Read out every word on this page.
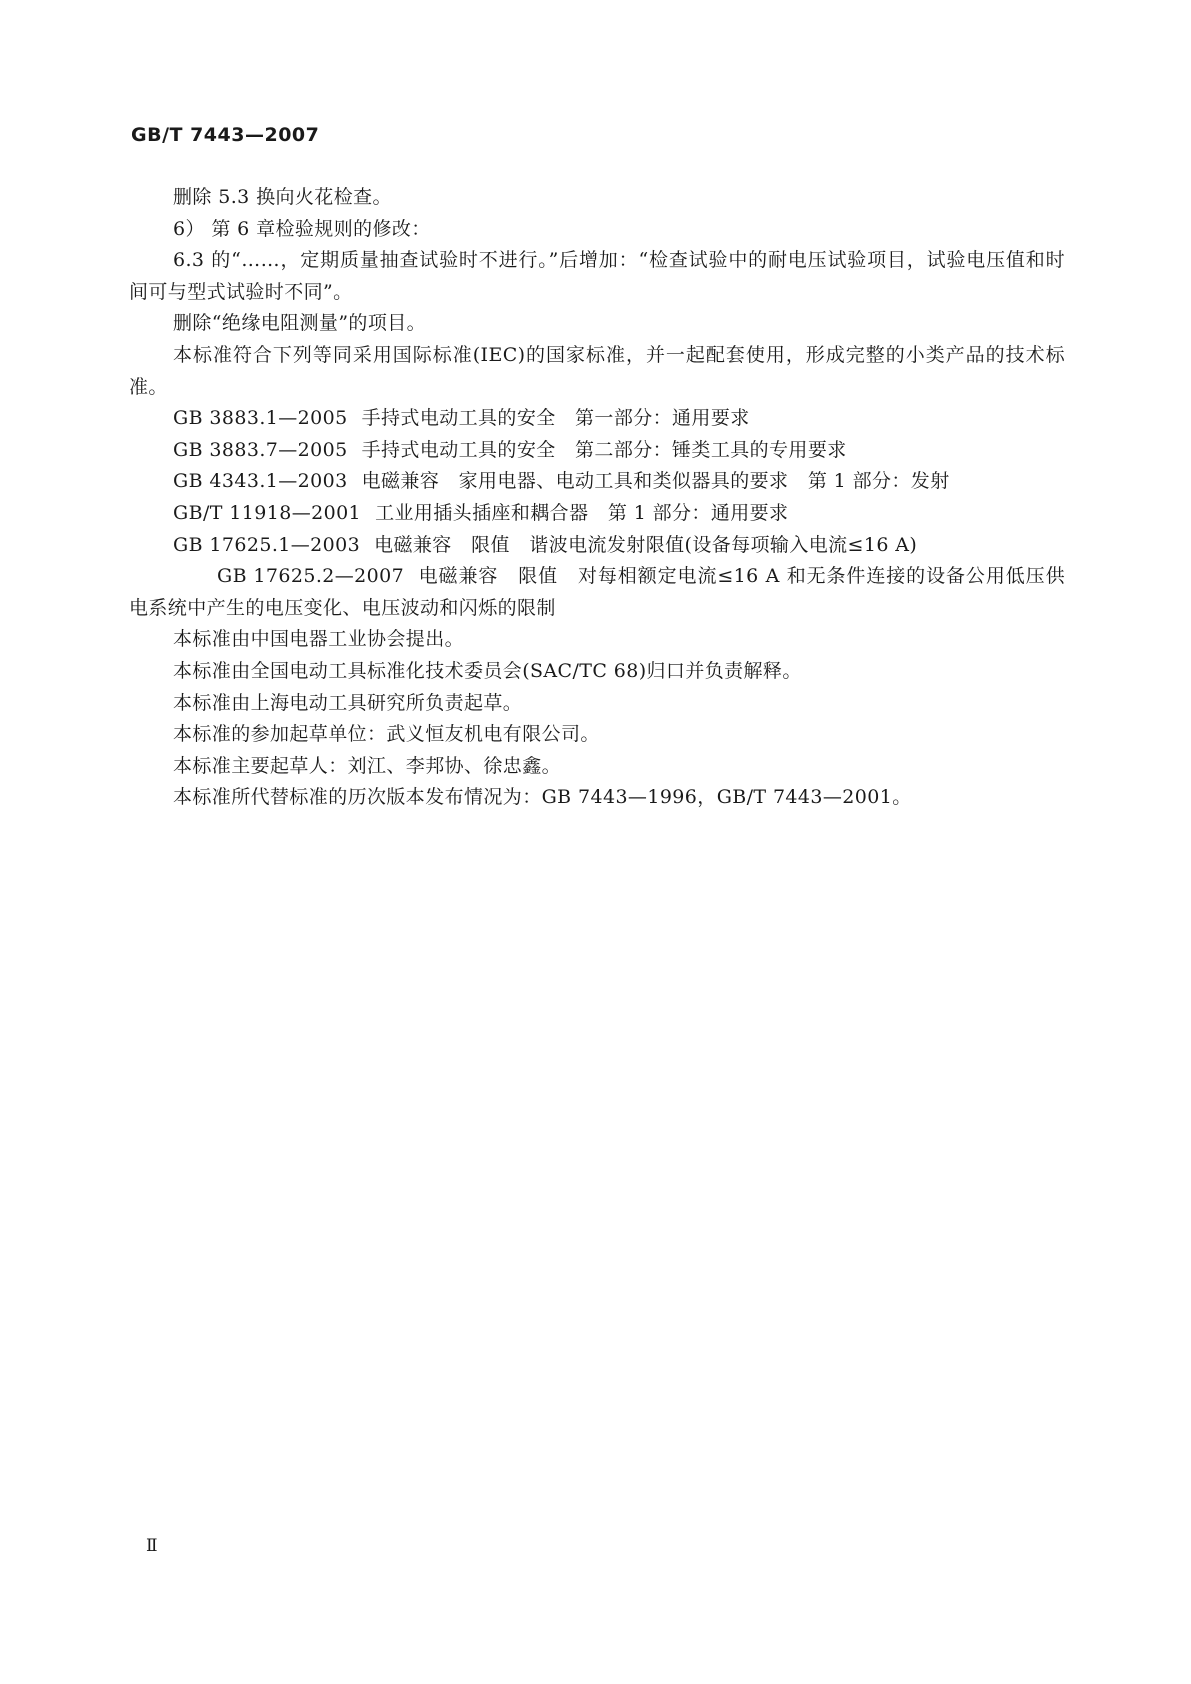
GB/T 7443—2007

删除 5.3 换向火花检查。

6） 第 6 章检验规则的修改：

6.3 的“……，定期质量抽查试验时不进行。”后增加：“检查试验中的耐电压试验项目，试验电压值和时间可与型式试验时不同”。

删除“绝缘电阻测量”的项目。

本标准符合下列等同采用国际标准(IEC)的国家标准，并一起配套使用，形成完整的小类产品的技术标准。

GB 3883.1—2005 手持式电动工具的安全　第一部分：通用要求

GB 3883.7—2005 手持式电动工具的安全　第二部分：锤类工具的专用要求

GB 4343.1—2003 电磁兼容　家用电器、电动工具和类似器具的要求　第 1 部分：发射

GB/T 11918—2001 工业用插头插座和耦合器　第 1 部分：通用要求

GB 17625.1—2003 电磁兼容　限值　谐波电流发射限值(设备每项输入电流≤16 A)

GB 17625.2—2007 电磁兼容　限值　对每相额定电流≤16 A 和无条件连接的设备公用低压供电系统中产生的电压变化、电压波动和闪烁的限制

本标准由中国电器工业协会提出。

本标准由全国电动工具标准化技术委员会(SAC/TC 68)归口并负责解释。

本标准由上海电动工具研究所负责起草。

本标准的参加起草单位：武义恒友机电有限公司。

本标准主要起草人：刘江、李邦协、徐忠鑫。

本标准所代替标准的历次版本发布情况为：GB 7443—1996，GB/T 7443—2001。

Ⅱ
